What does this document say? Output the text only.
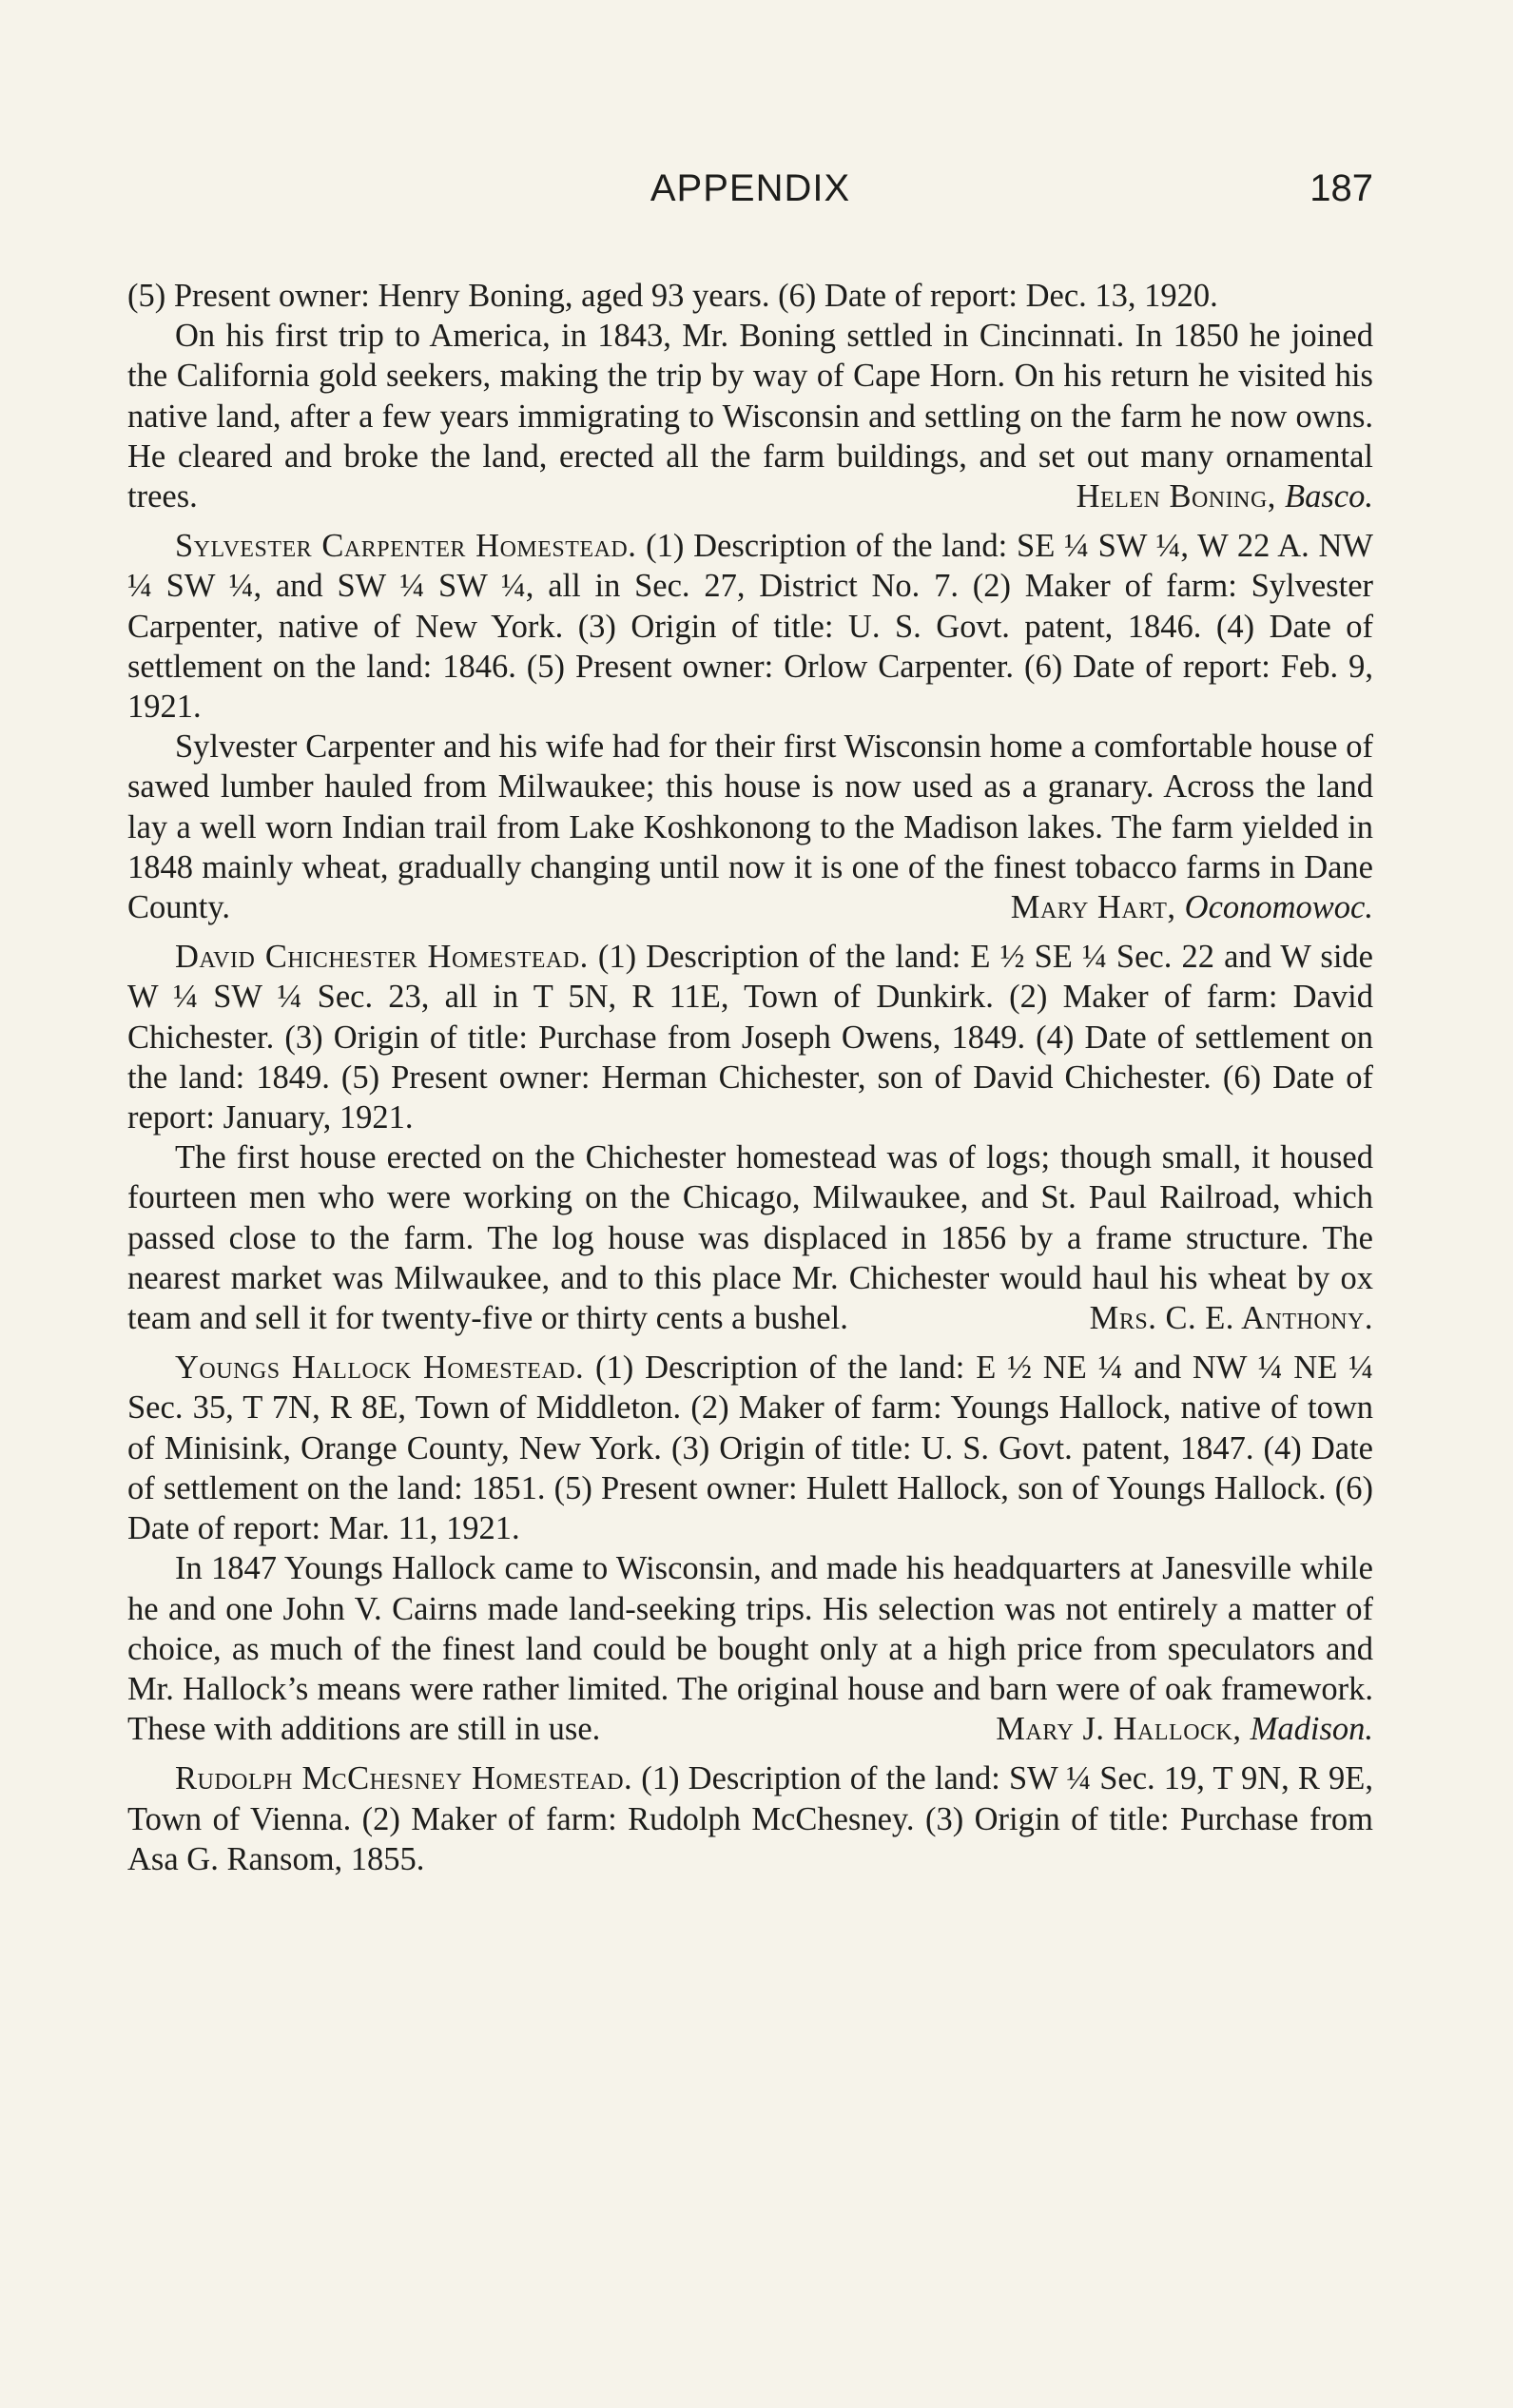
APPENDIX	187

(5) Present owner: Henry Boning, aged 93 years. (6) Date of report: Dec. 13, 1920.

On his first trip to America, in 1843, Mr. Boning settled in Cincinnati. In 1850 he joined the California gold seekers, making the trip by way of Cape Horn. On his return he visited his native land, after a few years immigrating to Wisconsin and settling on the farm he now owns. He cleared and broke the land, erected all the farm buildings, and set out many ornamental trees.	Helen Boning, Basco.

Sylvester Carpenter Homestead. (1) Description of the land: SE ¼ SW ¼, W 22 A. NW ¼ SW ¼, and SW ¼ SW ¼, all in Sec. 27, District No. 7. (2) Maker of farm: Sylvester Carpenter, native of New York. (3) Origin of title: U. S. Govt. patent, 1846. (4) Date of settlement on the land: 1846. (5) Present owner: Orlow Carpenter. (6) Date of report: Feb. 9, 1921.

Sylvester Carpenter and his wife had for their first Wisconsin home a comfortable house of sawed lumber hauled from Milwaukee; this house is now used as a granary. Across the land lay a well worn Indian trail from Lake Koshkonong to the Madison lakes. The farm yielded in 1848 mainly wheat, gradually changing until now it is one of the finest tobacco farms in Dane County.	Mary Hart, Oconomowoc.

David Chichester Homestead. (1) Description of the land: E ½ SE ¼ Sec. 22 and W side W ¼ SW ¼ Sec. 23, all in T 5N, R 11E, Town of Dunkirk. (2) Maker of farm: David Chichester. (3) Origin of title: Purchase from Joseph Owens, 1849. (4) Date of settlement on the land: 1849. (5) Present owner: Herman Chichester, son of David Chichester. (6) Date of report: January, 1921.

The first house erected on the Chichester homestead was of logs; though small, it housed fourteen men who were working on the Chicago, Milwaukee, and St. Paul Railroad, which passed close to the farm. The log house was displaced in 1856 by a frame structure. The nearest market was Milwaukee, and to this place Mr. Chichester would haul his wheat by ox team and sell it for twenty-five or thirty cents a bushel.	Mrs. C. E. Anthony.

Youngs Hallock Homestead. (1) Description of the land: E ½ NE ¼ and NW ¼ NE ¼ Sec. 35, T 7N, R 8E, Town of Middleton. (2) Maker of farm: Youngs Hallock, native of town of Minisink, Orange County, New York. (3) Origin of title: U. S. Govt. patent, 1847. (4) Date of settlement on the land: 1851. (5) Present owner: Hulett Hallock, son of Youngs Hallock. (6) Date of report: Mar. 11, 1921.

In 1847 Youngs Hallock came to Wisconsin, and made his headquarters at Janesville while he and one John V. Cairns made land-seeking trips. His selection was not entirely a matter of choice, as much of the finest land could be bought only at a high price from speculators and Mr. Hallock’s means were rather limited. The original house and barn were of oak framework. These with additions are still in use.	Mary J. Hallock, Madison.

Rudolph McChesney Homestead. (1) Description of the land: SW ¼ Sec. 19, T 9N, R 9E, Town of Vienna. (2) Maker of farm: Rudolph McChesney. (3) Origin of title: Purchase from Asa G. Ransom, 1855.
